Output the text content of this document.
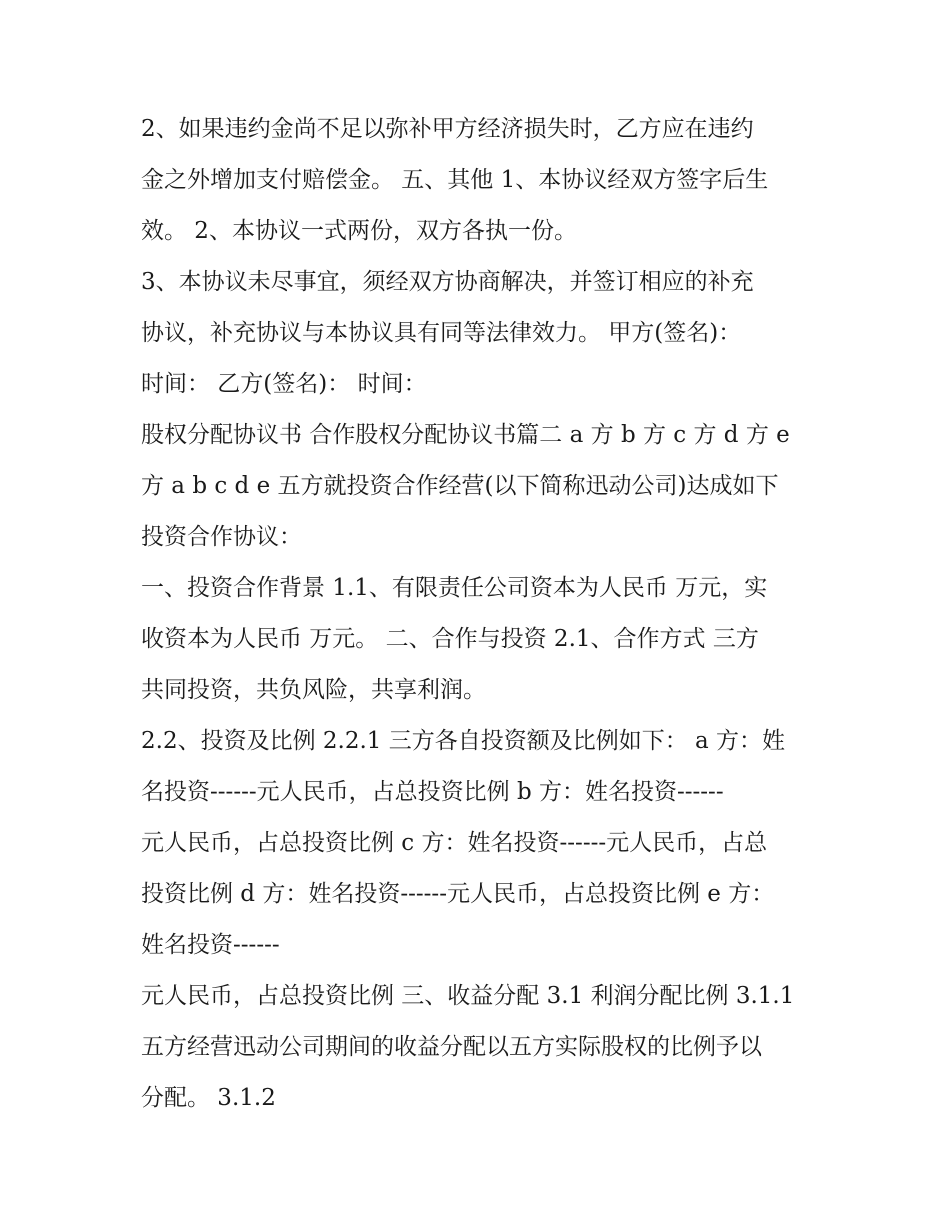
2、如果违约金尚不足以弥补甲方经济损失时，乙方应在违约
金之外增加支付赔偿金。 五、其他 1、本协议经双方签字后生
效。 2、本协议一式两份，双方各执一份。
3、本协议未尽事宜，须经双方协商解决，并签订相应的补充
协议，补充协议与本协议具有同等法律效力。 甲方(签名)：
时间： 乙方(签名)： 时间：
股权分配协议书 合作股权分配协议书篇二 a 方 b 方 c 方 d 方 e
方 a b c d e 五方就投资合作经营(以下简称迅动公司)达成如下
投资合作协议：
一、投资合作背景 1.1、有限责任公司资本为人民币 万元，实
收资本为人民币 万元。 二、合作与投资 2.1、合作方式 三方
共同投资，共负风险，共享利润。
2.2、投资及比例 2.2.1 三方各自投资额及比例如下： a 方：姓
名投资------元人民币，占总投资比例 b 方：姓名投资------
元人民币，占总投资比例 c 方：姓名投资------元人民币，占总
投资比例 d 方：姓名投资------元人民币，占总投资比例 e 方：
姓名投资------
元人民币，占总投资比例 三、收益分配 3.1 利润分配比例 3.1.1
五方经营迅动公司期间的收益分配以五方实际股权的比例予以
分配。 3.1.2
